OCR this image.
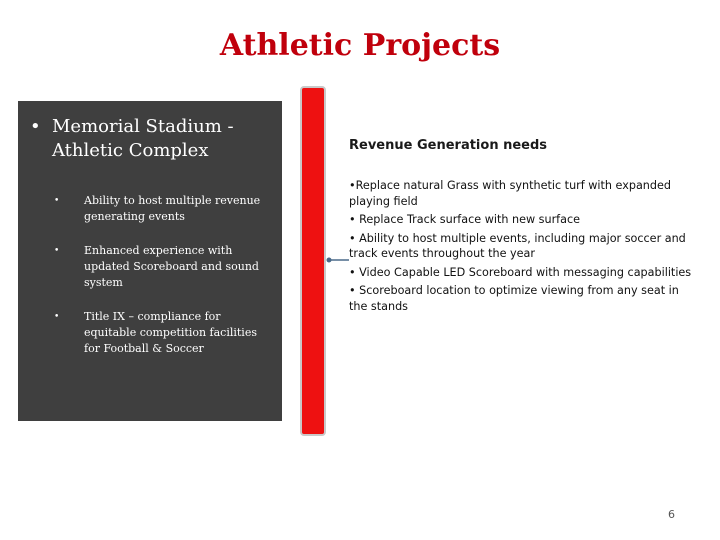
Athletic Projects
• Memorial Stadium - Athletic Complex
•	Ability to host multiple revenue generating events
•	Enhanced experience with updated Scoreboard and sound system
•	Title IX – compliance for equitable competition facilities for Football & Soccer
Revenue Generation needs
•Replace natural Grass with synthetic turf with expanded playing field
• Replace Track surface with new surface
• Ability to host multiple events, including major soccer and track events throughout the year
• Video Capable LED Scoreboard with messaging capabilities
• Scoreboard location to optimize viewing from any seat in the stands
6
